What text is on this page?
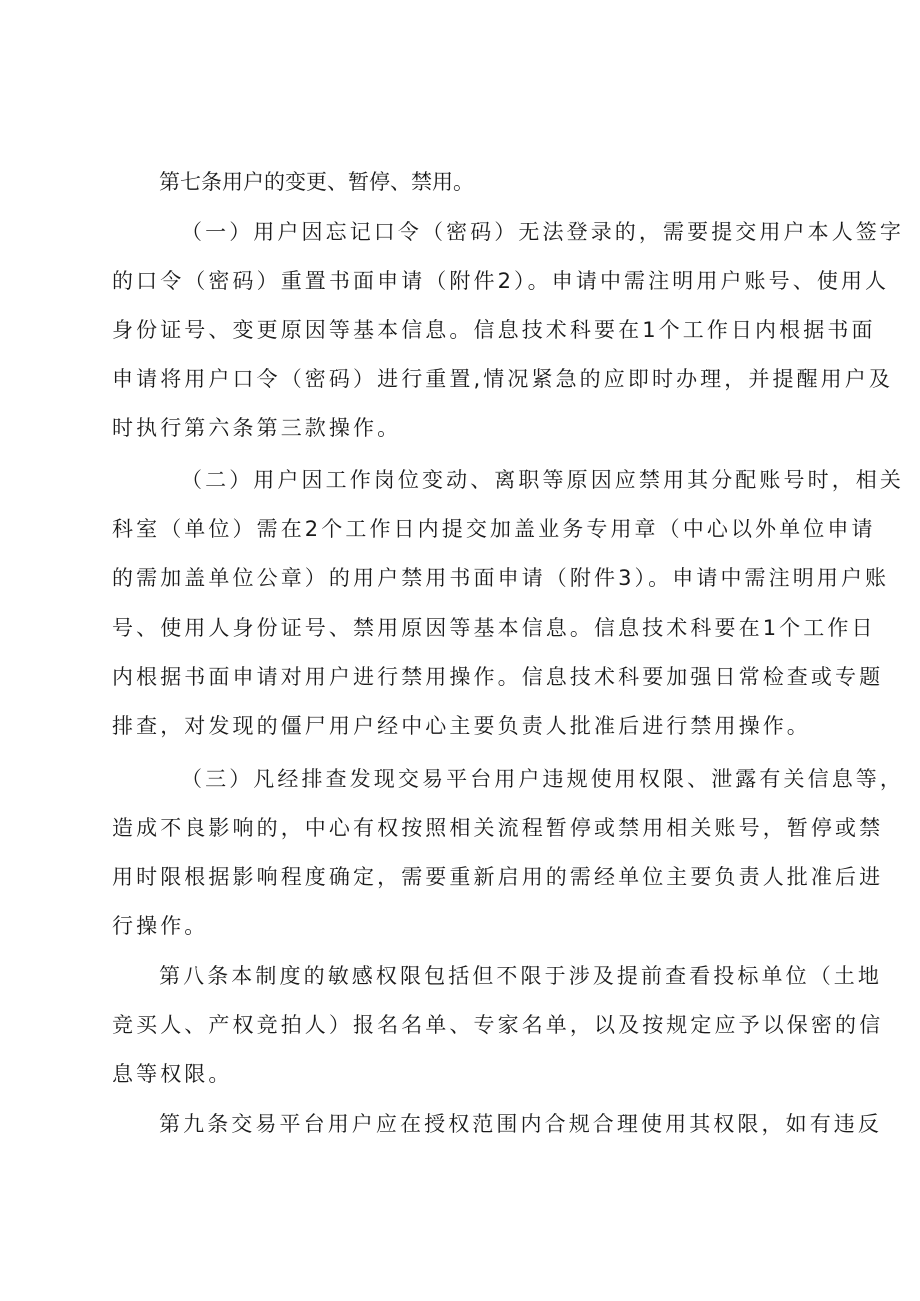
第七条用户的变更、暂停、禁用。
（一）用户因忘记口令（密码）无法登录的，需要提交用户本人签字
的口令（密码）重置书面申请（附件2）。申请中需注明用户账号、使用人
身份证号、变更原因等基本信息。信息技术科要在1个工作日内根据书面
申请将用户口令（密码）进行重置,情况紧急的应即时办理，并提醒用户及
时执行第六条第三款操作。
（二）用户因工作岗位变动、离职等原因应禁用其分配账号时，相关
科室（单位）需在2个工作日内提交加盖业务专用章（中心以外单位申请
的需加盖单位公章）的用户禁用书面申请（附件3）。申请中需注明用户账
号、使用人身份证号、禁用原因等基本信息。信息技术科要在1个工作日
内根据书面申请对用户进行禁用操作。信息技术科要加强日常检查或专题
排查，对发现的僵尸用户经中心主要负责人批准后进行禁用操作。
（三）凡经排查发现交易平台用户违规使用权限、泄露有关信息等，
造成不良影响的，中心有权按照相关流程暂停或禁用相关账号，暂停或禁
用时限根据影响程度确定，需要重新启用的需经单位主要负责人批准后进
行操作。
第八条本制度的敏感权限包括但不限于涉及提前查看投标单位（土地
竞买人、产权竞拍人）报名名单、专家名单，以及按规定应予以保密的信
息等权限。
第九条交易平台用户应在授权范围内合规合理使用其权限，如有违反
